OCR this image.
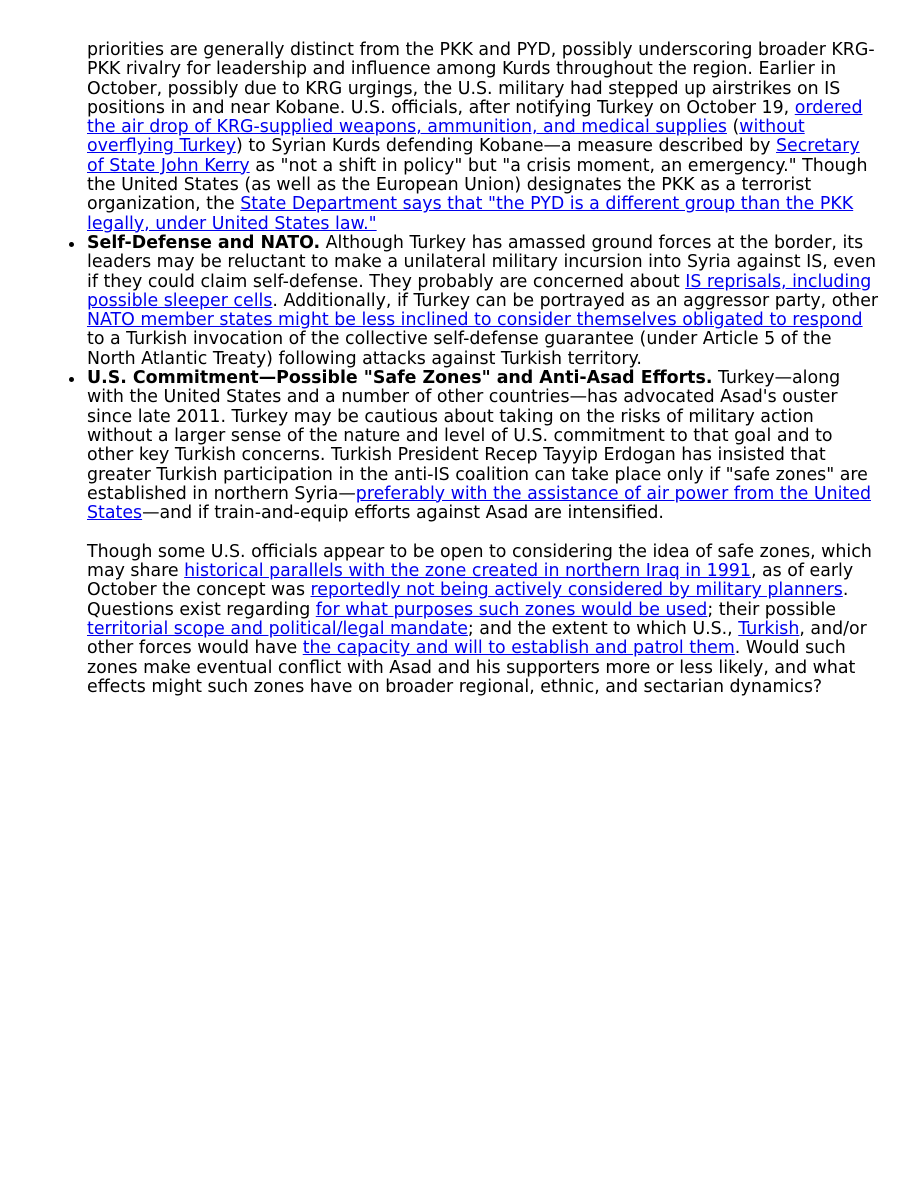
priorities are generally distinct from the PKK and PYD, possibly underscoring broader KRG-PKK rivalry for leadership and influence among Kurds throughout the region. Earlier in October, possibly due to KRG urgings, the U.S. military had stepped up airstrikes on IS positions in and near Kobane. U.S. officials, after notifying Turkey on October 19, ordered the air drop of KRG-supplied weapons, ammunition, and medical supplies (without overflying Turkey) to Syrian Kurds defending Kobane—a measure described by Secretary of State John Kerry as "not a shift in policy" but "a crisis moment, an emergency." Though the United States (as well as the European Union) designates the PKK as a terrorist organization, the State Department says that "the PYD is a different group than the PKK legally, under United States law."

Self-Defense and NATO. Although Turkey has amassed ground forces at the border, its leaders may be reluctant to make a unilateral military incursion into Syria against IS, even if they could claim self-defense. They probably are concerned about IS reprisals, including possible sleeper cells. Additionally, if Turkey can be portrayed as an aggressor party, other NATO member states might be less inclined to consider themselves obligated to respond to a Turkish invocation of the collective self-defense guarantee (under Article 5 of the North Atlantic Treaty) following attacks against Turkish territory.

U.S. Commitment—Possible "Safe Zones" and Anti-Asad Efforts. Turkey—along with the United States and a number of other countries—has advocated Asad's ouster since late 2011. Turkey may be cautious about taking on the risks of military action without a larger sense of the nature and level of U.S. commitment to that goal and to other key Turkish concerns. Turkish President Recep Tayyip Erdogan has insisted that greater Turkish participation in the anti-IS coalition can take place only if "safe zones" are established in northern Syria—preferably with the assistance of air power from the United States—and if train-and-equip efforts against Asad are intensified.

Though some U.S. officials appear to be open to considering the idea of safe zones, which may share historical parallels with the zone created in northern Iraq in 1991, as of early October the concept was reportedly not being actively considered by military planners. Questions exist regarding for what purposes such zones would be used; their possible territorial scope and political/legal mandate; and the extent to which U.S., Turkish, and/or other forces would have the capacity and will to establish and patrol them. Would such zones make eventual conflict with Asad and his supporters more or less likely, and what effects might such zones have on broader regional, ethnic, and sectarian dynamics?
